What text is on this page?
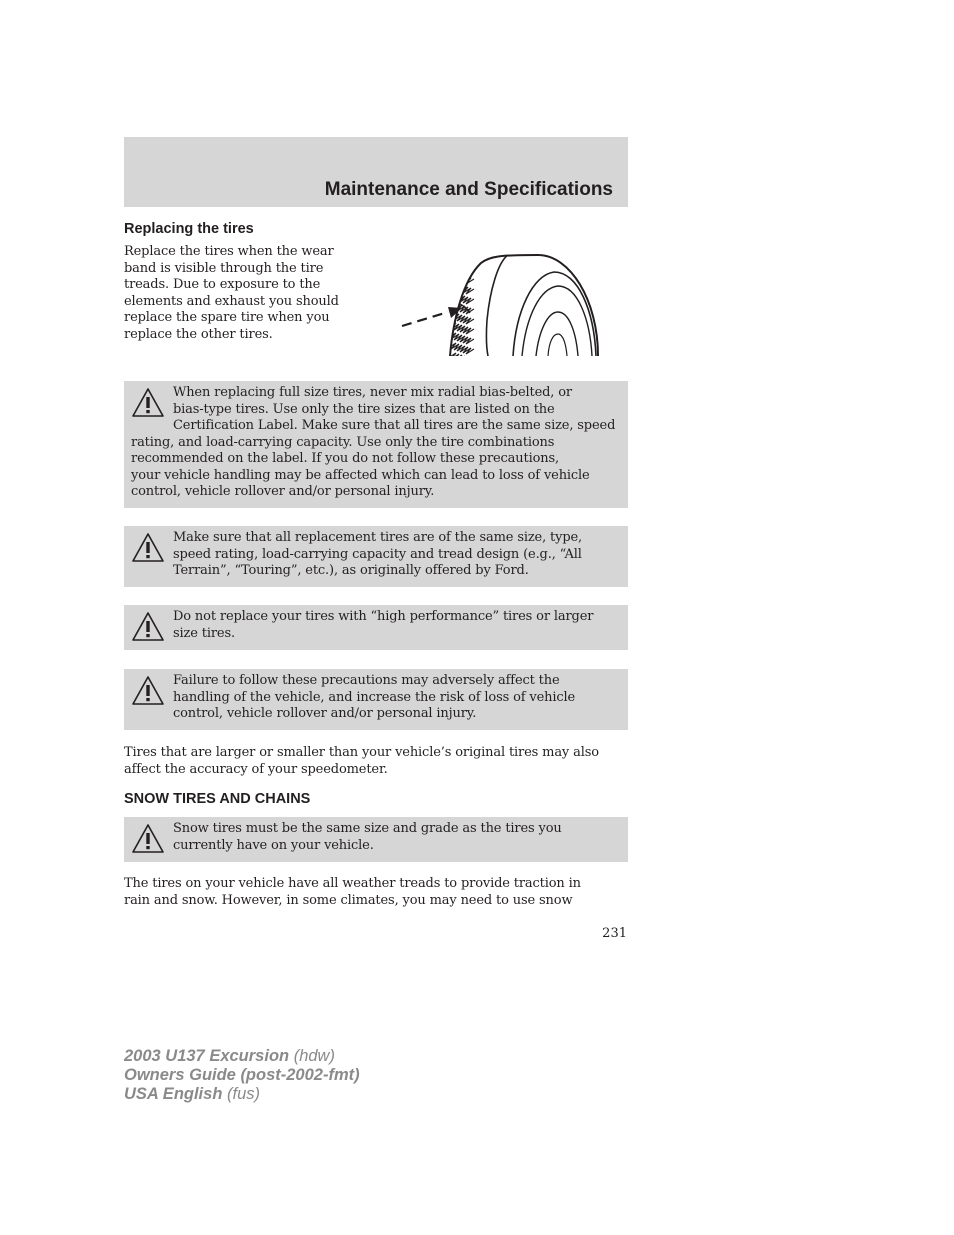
Maintenance and Specifications
Replacing the tires
Replace the tires when the wear
band is visible through the tire
treads. Due to exposure to the
elements and exhaust you should
replace the spare tire when you
replace the other tires.
When replacing full size tires, never mix radial bias-belted, or
bias-type tires. Use only the tire sizes that are listed on the
Certification Label. Make sure that all tires are the same size, speed
rating, and load-carrying capacity. Use only the tire combinations
recommended on the label. If you do not follow these precautions,
your vehicle handling may be affected which can lead to loss of vehicle
control, vehicle rollover and/or personal injury.
Make sure that all replacement tires are of the same size, type,
speed rating, load-carrying capacity and tread design (e.g., “All
Terrain”, “Touring”, etc.), as originally offered by Ford.
Do not replace your tires with “high performance” tires or larger
size tires.
Failure to follow these precautions may adversely affect the
handling of the vehicle, and increase the risk of loss of vehicle
control, vehicle rollover and/or personal injury.
Tires that are larger or smaller than your vehicle’s original tires may also
affect the accuracy of your speedometer.
SNOW TIRES AND CHAINS
Snow tires must be the same size and grade as the tires you
currently have on your vehicle.
The tires on your vehicle have all weather treads to provide traction in
rain and snow. However, in some climates, you may need to use snow
231
2003 U137 Excursion (hdw)
Owners Guide (post-2002-fmt)
USA English (fus)
